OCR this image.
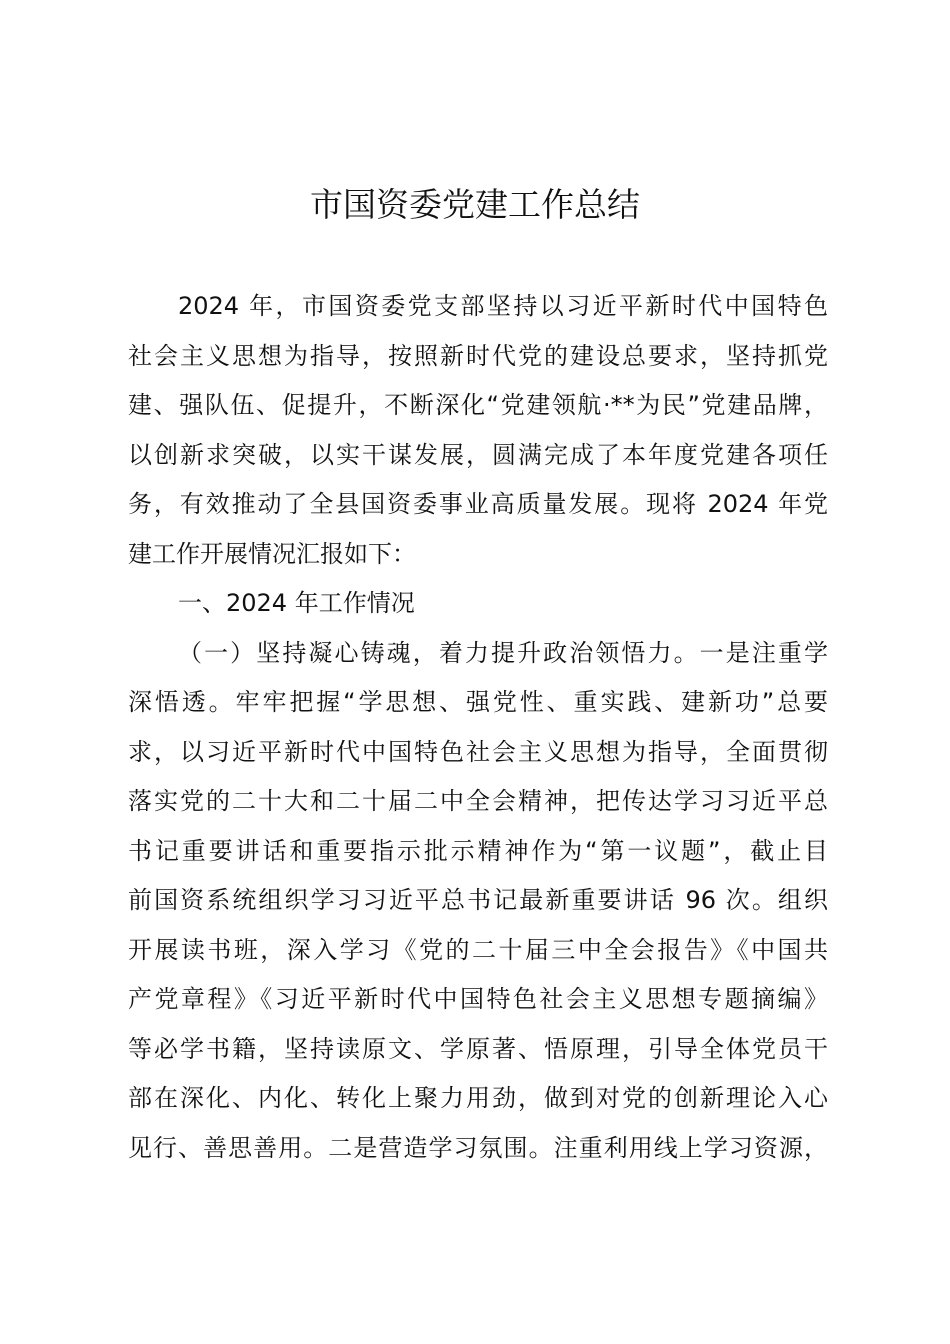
市国资委党建工作总结
2024 年，市国资委党支部坚持以习近平新时代中国特色
社会主义思想为指导，按照新时代党的建设总要求，坚持抓党
建、强队伍、促提升，不断深化“党建领航·**为民”党建品牌，
以创新求突破，以实干谋发展，圆满完成了本年度党建各项任
务，有效推动了全县国资委事业高质量发展。现将 2024 年党
建工作开展情况汇报如下：
一、2024 年工作情况
（一）坚持凝心铸魂，着力提升政治领悟力。一是注重学
深悟透。牢牢把握“学思想、强党性、重实践、建新功”总要
求，以习近平新时代中国特色社会主义思想为指导，全面贯彻
落实党的二十大和二十届二中全会精神，把传达学习习近平总
书记重要讲话和重要指示批示精神作为“第一议题”，截止目
前国资系统组织学习习近平总书记最新重要讲话 96 次。组织
开展读书班，深入学习《党的二十届三中全会报告》《中国共
产党章程》《习近平新时代中国特色社会主义思想专题摘编》
等必学书籍，坚持读原文、学原著、悟原理，引导全体党员干
部在深化、内化、转化上聚力用劲，做到对党的创新理论入心
见行、善思善用。二是营造学习氛围。注重利用线上学习资源，
